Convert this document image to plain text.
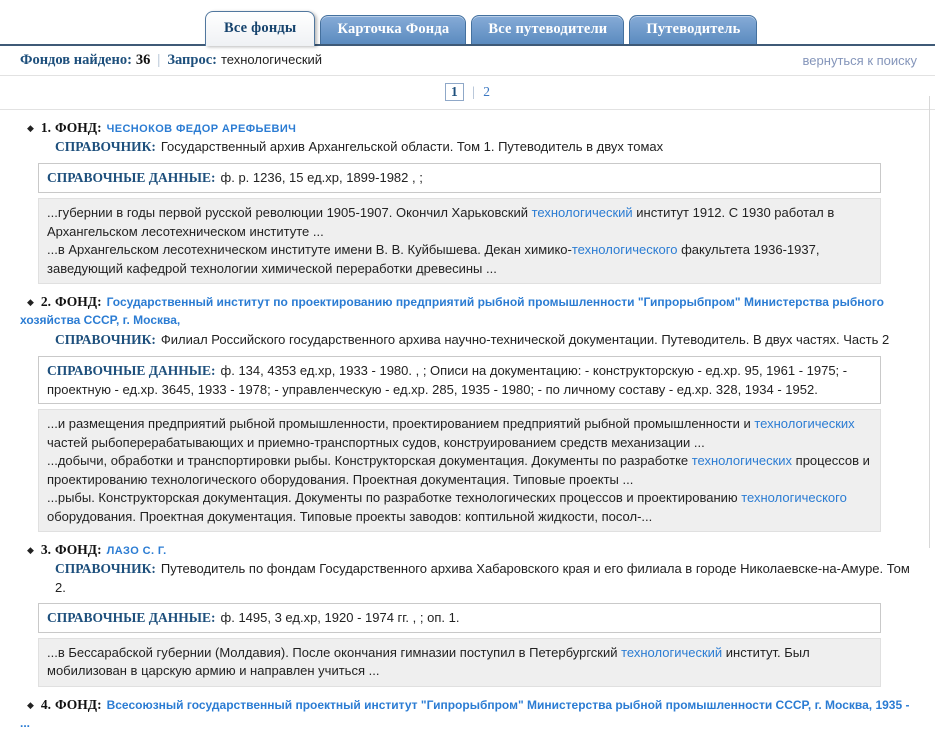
Все фонды	Карточка Фонда	Все путеводители	Путеводитель
Фондов найдено: 36 | Запрос: технологический	вернуться к поиску
1 | 2
◆ 1. ФОНД: ЧЕСНОКОВ ФЕДОР АРЕФЬЕВИЧ
СПРАВОЧНИК: Государственный архив Архангельской области. Том 1. Путеводитель в двух томах
СПРАВОЧНЫЕ ДАННЫЕ: ф. р. 1236, 15 ед.хр, 1899-1982 , ;
...губернии в годы первой русской революции 1905-1907. Окончил Харьковский технологический институт 1912. С 1930 работал в Архангельском лесотехническом институте ...
...в Архангельском лесотехническом институте имени В. В. Куйбышева. Декан химико-технологического факультета 1936-1937, заведующий кафедрой технологии химической переработки древесины ...
◆ 2. ФОНД: Государственный институт по проектированию предприятий рыбной промышленности "Гипрорыбпром" Министерства рыбного хозяйства СССР, г. Москва,
СПРАВОЧНИК: Филиал Российского государственного архива научно-технической документации. Путеводитель. В двух частях. Часть 2
СПРАВОЧНЫЕ ДАННЫЕ: ф. 134, 4353 ед.хр, 1933 - 1980. , ; Описи на документацию: - конструкторскую - ед.хр. 95, 1961 - 1975; - проектную - ед.хр. 3645, 1933 - 1978; - управленческую - ед.хр. 285, 1935 - 1980; - по личному составу - ед.хр. 328, 1934 - 1952.
...и размещения предприятий рыбной промышленности, проектированием предприятий рыбной промышленности и технологических частей рыбоперерабатывающих и приемно-транспортных судов, конструированием средств механизации ...
...добычи, обработки и транспортировки рыбы. Конструкторская документация. Документы по разработке технологических процессов и проектированию технологического оборудования. Проектная документация. Типовые проекты ...
...рыбы. Конструкторская документация. Документы по разработке технологических процессов и проектированию технологического оборудования. Проектная документация. Типовые проекты заводов: коптильной жидкости, посол-...
◆ 3. ФОНД: ЛАЗО С. Г.
СПРАВОЧНИК: Путеводитель по фондам Государственного архива Хабаровского края и его филиала в городе Николаевске-на-Амуре. Том 2.
СПРАВОЧНЫЕ ДАННЫЕ: ф. 1495, 3 ед.хр, 1920 - 1974 гг. , ; оп. 1.
...в Бессарабской губернии (Молдавия). После окончания гимназии поступил в Петербургский технологический институт. Был мобилизован в царскую армию и направлен учиться ...
◆ 4. ФОНД: Всесоюзный государственный проектный институт "Гипрорыбпром" Министерства рыбной промышленности СССР, г. Москва, 1935 - ...
